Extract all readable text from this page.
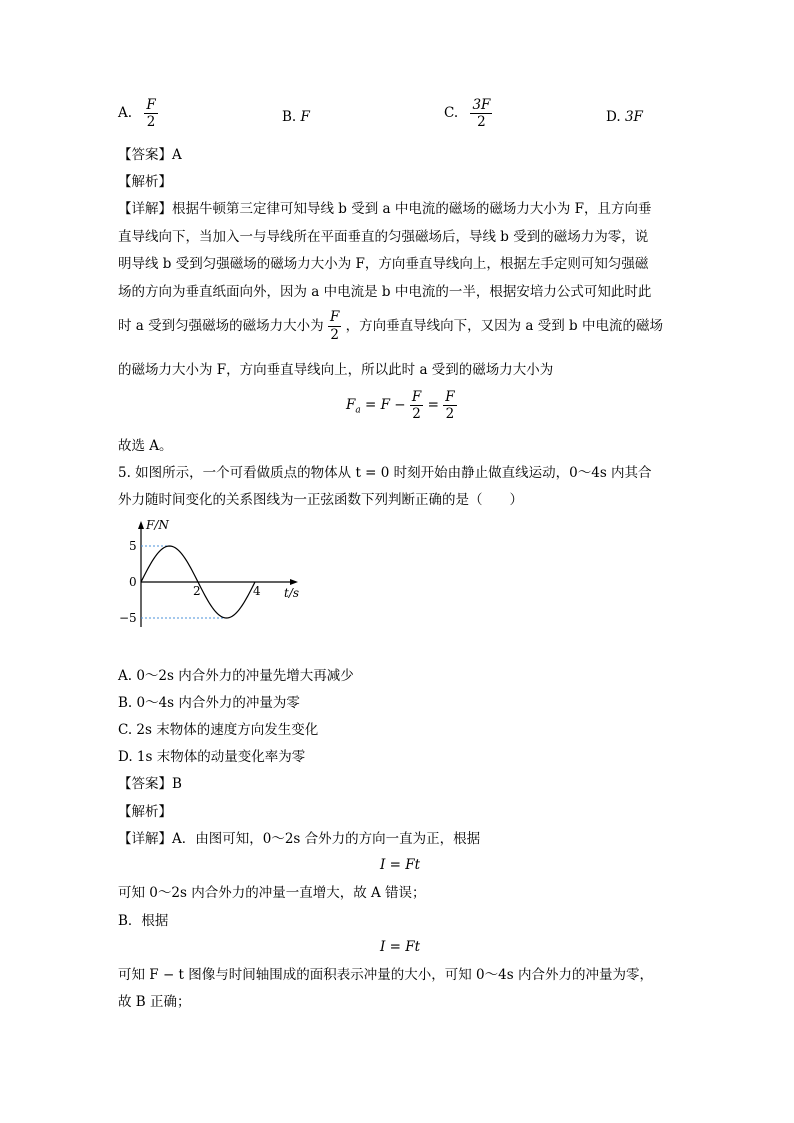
A. $\frac{F}{2}$	B. F	C. $\frac{3F}{2}$	D. 3F
【答案】A
【解析】
【详解】根据牛顿第三定律可知导线 b 受到 a 中电流的磁场的磁场力大小为 F，且方向垂
直导线向下，当加入一与导线所在平面垂直的匀强磁场后，导线 b 受到的磁场力为零，说
明导线 b 受到匀强磁场的磁场力大小为 F，方向垂直导线向上，根据左手定则可知匀强磁
场的方向为垂直纸面向外，因为 a 中电流是 b 中电流的一半，根据安培力公式可知此时此
时 a 受到匀强磁场的磁场力大小为 $\frac{F}{2}$ ，方向垂直导线向下，又因为 a 受到 b 中电流的磁场
的磁场力大小为 F，方向垂直导线向上，所以此时 a 受到的磁场力大小为
$F_a = F - \frac{F}{2} = \frac{F}{2}$
故选 A。
5. 如图所示，一个可看做质点的物体从 t = 0 时刻开始由静止做直线运动，0～4s 内其合
外力随时间变化的关系图线为一正弦函数下列判断正确的是（　　）
5
0
−5
2	4
F/N
t/s
A. 0～2s 内合外力的冲量先增大再减少
B. 0～4s 内合外力的冲量为零
C. 2s 末物体的速度方向发生变化
D. 1s 末物体的动量变化率为零
【答案】B
【解析】
【详解】A．由图可知，0～2s 合外力的方向一直为正，根据
I = Ft
可知 0～2s 内合外力的冲量一直增大，故 A 错误；
B．根据
I = Ft
可知 F − t 图像与时间轴围成的面积表示冲量的大小，可知 0～4s 内合外力的冲量为零，
故 B 正确；
